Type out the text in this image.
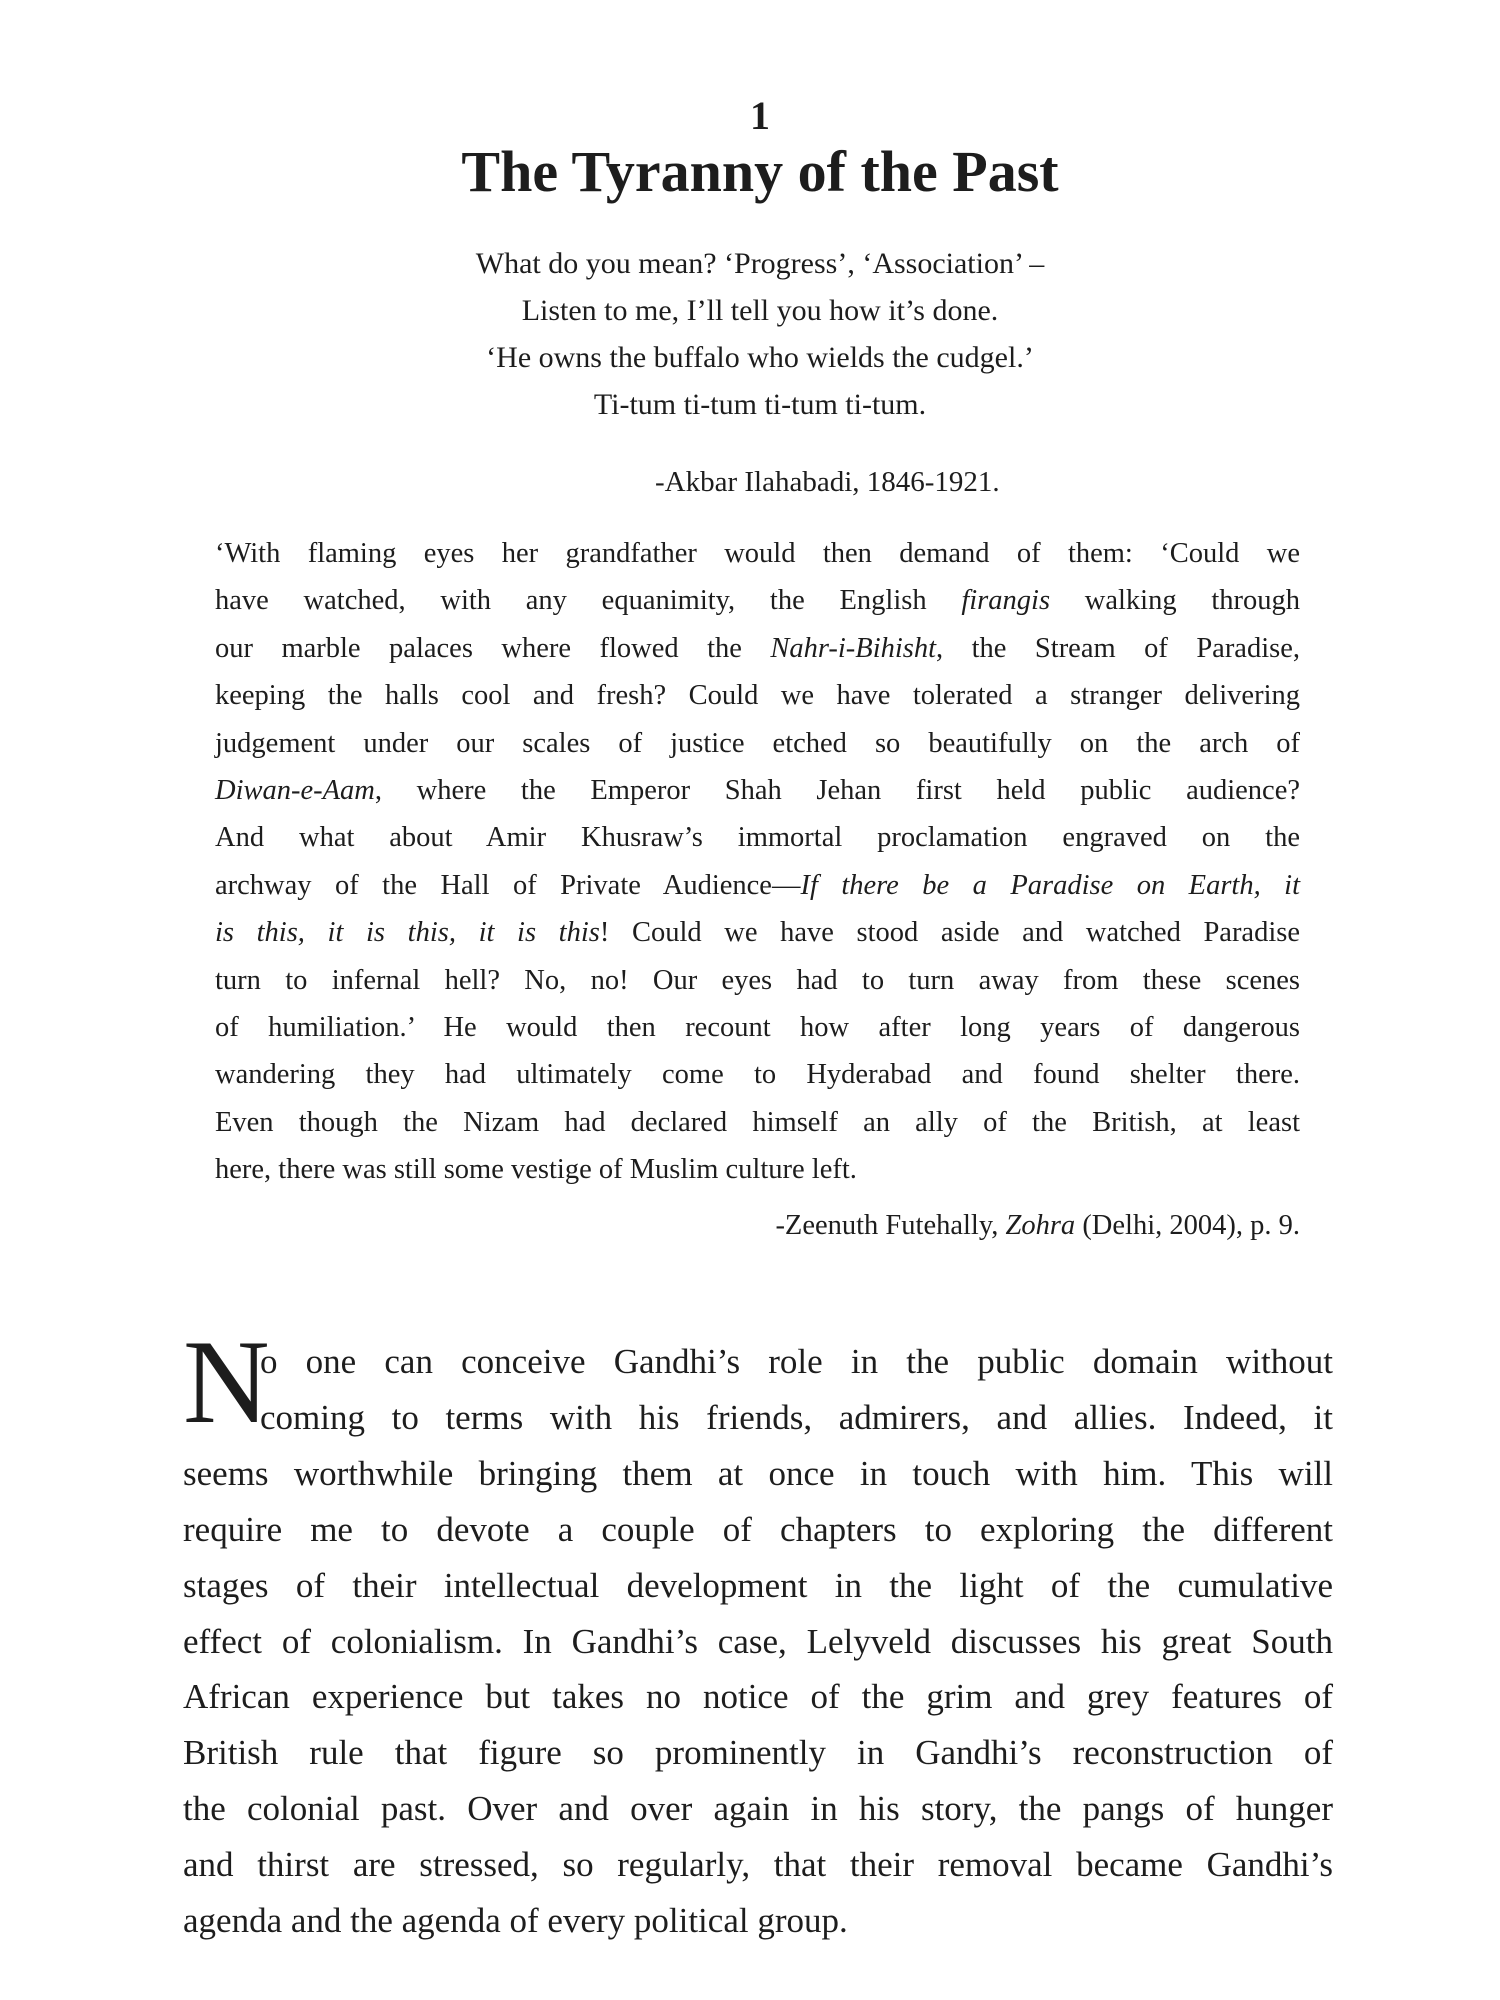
1
The Tyranny of the Past
What do you mean? ‘Progress’, ‘Association’ –
Listen to me, I’ll tell you how it’s done.
‘He owns the buffalo who wields the cudgel.’
Ti-tum ti-tum ti-tum ti-tum.
-Akbar Ilahabadi, 1846-1921.
‘With flaming eyes her grandfather would then demand of them: ‘Could we
have watched, with any equanimity, the English firangis walking through
our marble palaces where flowed the Nahr-i-Bihisht, the Stream of Paradise,
keeping the halls cool and fresh? Could we have tolerated a stranger delivering
judgement under our scales of justice etched so beautifully on the arch of
Diwan-e-Aam, where the Emperor Shah Jehan first held public audience?
And what about Amir Khusraw’s immortal proclamation engraved on the
archway of the Hall of Private Audience—If there be a Paradise on Earth, it
is this, it is this, it is this! Could we have stood aside and watched Paradise
turn to infernal hell? No, no! Our eyes had to turn away from these scenes
of humiliation.’ He would then recount how after long years of dangerous
wandering they had ultimately come to Hyderabad and found shelter there.
Even though the Nizam had declared himself an ally of the British, at least
here, there was still some vestige of Muslim culture left.
-Zeenuth Futehally, Zohra (Delhi, 2004), p. 9.
N
o one can conceive Gandhi’s role in the public domain without
coming to terms with his friends, admirers, and allies. Indeed, it
seems worthwhile bringing them at once in touch with him. This will
require me to devote a couple of chapters to exploring the different
stages of their intellectual development in the light of the cumulative
effect of colonialism. In Gandhi’s case, Lelyveld discusses his great South
African experience but takes no notice of the grim and grey features of
British rule that figure so prominently in Gandhi’s reconstruction of
the colonial past. Over and over again in his story, the pangs of hunger
and thirst are stressed, so regularly, that their removal became Gandhi’s
agenda and the agenda of every political group.
